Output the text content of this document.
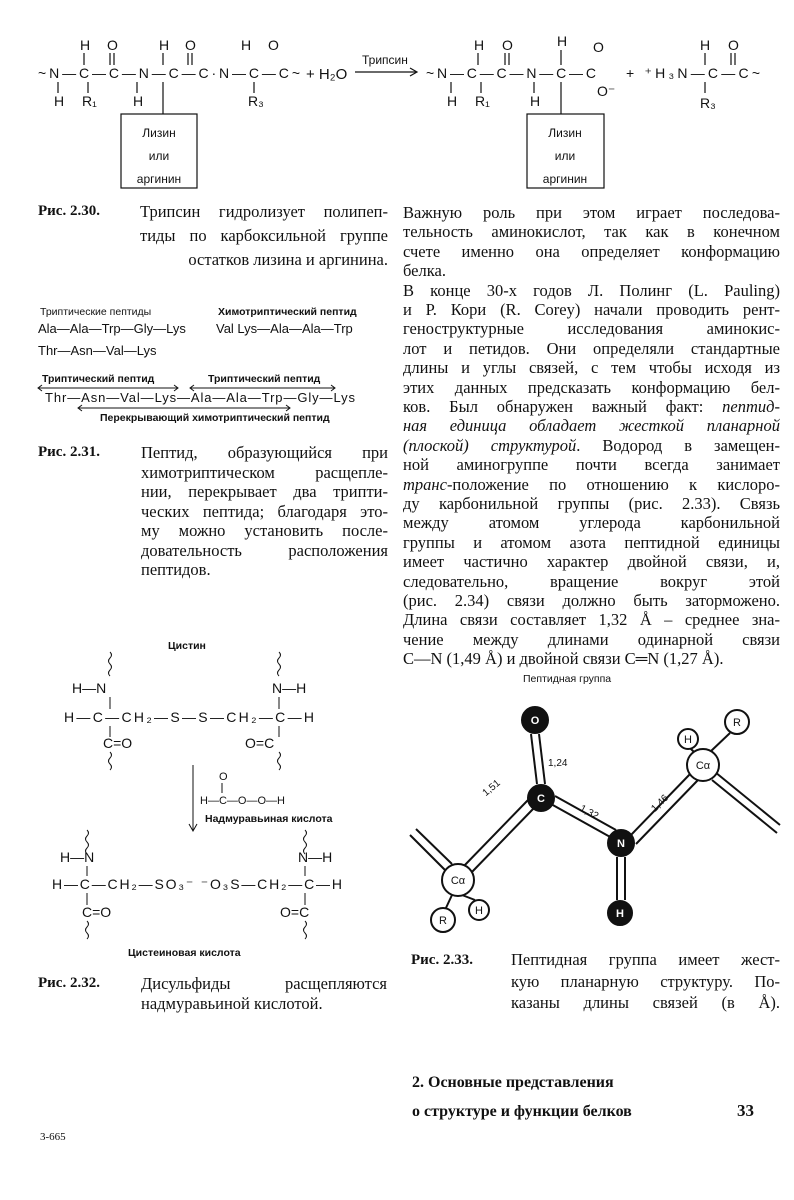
H O	H O	H O
~N—C—C—N—C—C·N—C—C~
H R₁	H	R₃
+ H₂O
Трипсин
H O	H O
~N—C—C—N—C—C
O⁻
H R₁	H
H O
+ ⁺H₃N—C—C~
R₃
Лизин
или
аргинин
Лизин
или
аргинин
Рис. 2.30. Трипсин гидролизует полипеп-
тиды по карбоксильной группе
остатков лизина и аргинина.
Триптические пептиды	Химотриптический пептид
Ala—Ala—Trp—Gly—Lys Val Lys—Ala—Ala—Trp
Thr—Asn—Val—Lys
Триптический пептид	Триптический пептид
Thr—Asn—Val—Lys—Ala—Ala—Trp—Gly—Lys
Перекрывающий химотриптический пептид
Рис. 2.31. Пептид, образующийся при
химотриптическом расщепле-
нии, перекрывает два трипти-
ческих пептида; благодаря это-
му можно установить после-
довательность расположения
пептидов.
Цистин
H—N	N—H
H—C—CH₂—S—S—CH₂—C—H
C=O	O=C
O
H—C—O—O—H
Надмуравьиная кислота
H—N	N—H
H—C—CH₂—SO₃⁻ ⁻O₃S—CH₂—C—H
C=O	O=C
Цистеиновая кислота
Рис. 2.32. Дисульфиды расщепляются
надмуравьиной кислотой.
Пептидная группа
O
C
N
H
Cα
Cα
R
H
H
R
1,24
1,51
1,32	1,46
Рис. 2.33. Пептидная группа имеет жест-
кую планарную структуру. По-
казаны длины связей (в Å).
Важную роль при этом играет последова-
тельность аминокислот, так как в конечном
счете именно она определяет конформацию
белка.
В конце 30-х годов Л. Полинг (L. Pauling)
и Р. Кори (R. Corey) начали проводить рент-
геноструктурные исследования аминокис-
лот и петидов. Они определяли стандартные
длины и углы связей, с тем чтобы исходя из
этих данных предсказать конформацию бел-
ков. Был обнаружен важный факт: пептид-
ная единица обладает жесткой планарной
(плоской) структурой. Водород в замещен-
ной аминогруппе почти всегда занимает
транс-положение по отношению к кислоро-
ду карбонильной группы (рис. 2.33). Связь
между атомом углерода карбонильной
группы и атомом азота пептидной единицы
имеет частично характер двойной связи, и,
следовательно, вращение вокруг этой
(рис. 2.34) связи должно быть заторможено.
Длина связи составляет 1,32 Å – среднее зна-
чение между длинами одинарной связи
C—N (1,49 Å) и двойной связи C═N (1,27 Å).
2. Основные представления
о структуре и функции белков	33
3-665
